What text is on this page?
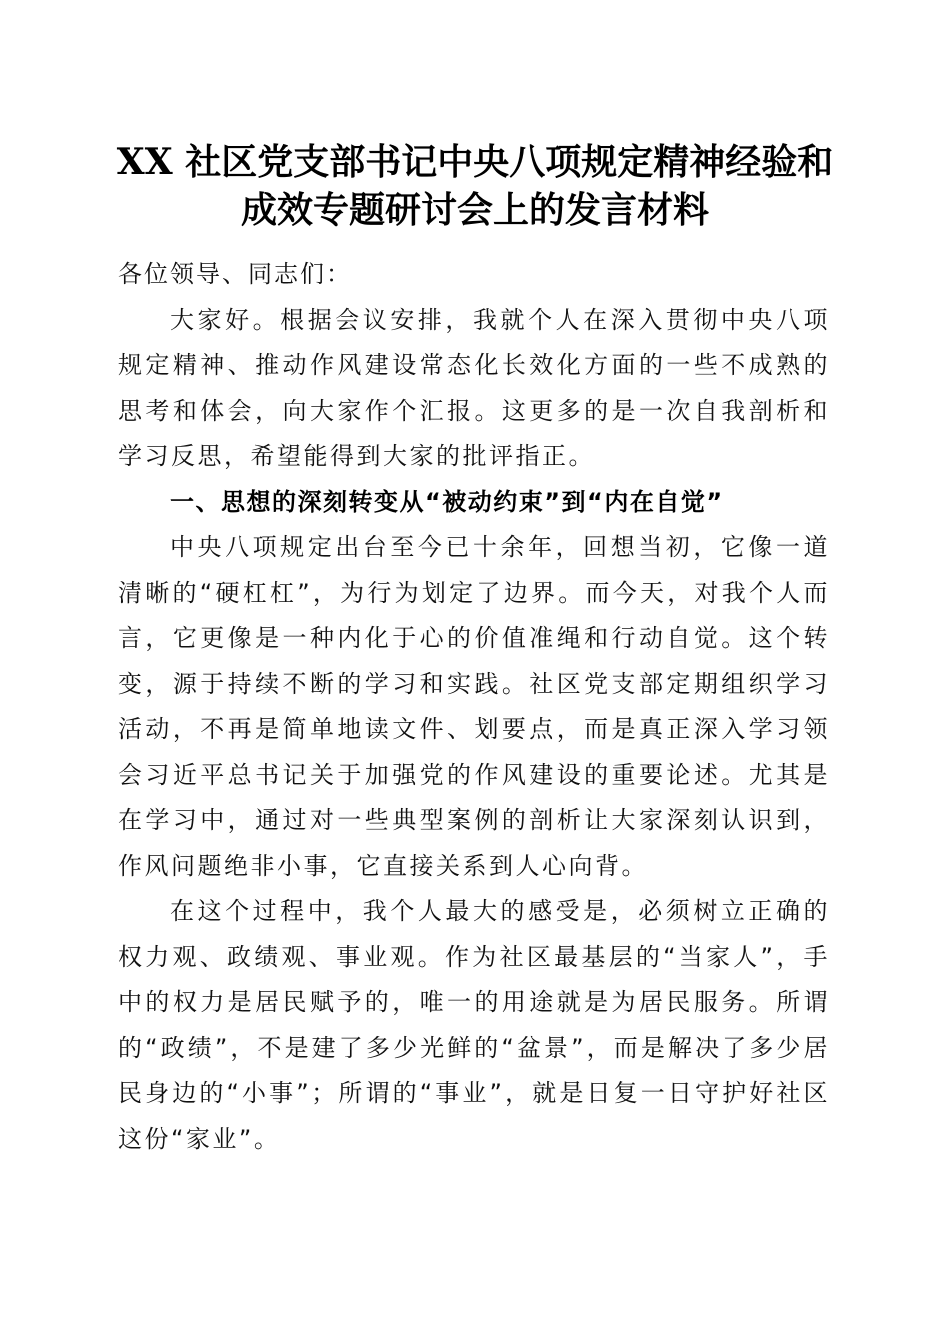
XX 社区党支部书记中央八项规定精神经验和
成效专题研讨会上的发言材料

各位领导、同志们：

大家好。根据会议安排，我就个人在深入贯彻中央八项规定精神、推动作风建设常态化长效化方面的一些不成熟的思考和体会，向大家作个汇报。这更多的是一次自我剖析和学习反思，希望能得到大家的批评指正。

一、思想的深刻转变从“被动约束”到“内在自觉”

中央八项规定出台至今已十余年，回想当初，它像一道清晰的“硬杠杠”，为行为划定了边界。而今天，对我个人而言，它更像是一种内化于心的价值准绳和行动自觉。这个转变，源于持续不断的学习和实践。社区党支部定期组织学习活动，不再是简单地读文件、划要点，而是真正深入学习领会习近平总书记关于加强党的作风建设的重要论述。尤其是在学习中，通过对一些典型案例的剖析让大家深刻认识到，作风问题绝非小事，它直接关系到人心向背。

在这个过程中，我个人最大的感受是，必须树立正确的权力观、政绩观、事业观。作为社区最基层的“当家人”，手中的权力是居民赋予的，唯一的用途就是为居民服务。所谓的“政绩”，不是建了多少光鲜的“盆景”，而是解决了多少居民身边的“小事”；所谓的“事业”，就是日复一日守护好社区这份“家业”。
